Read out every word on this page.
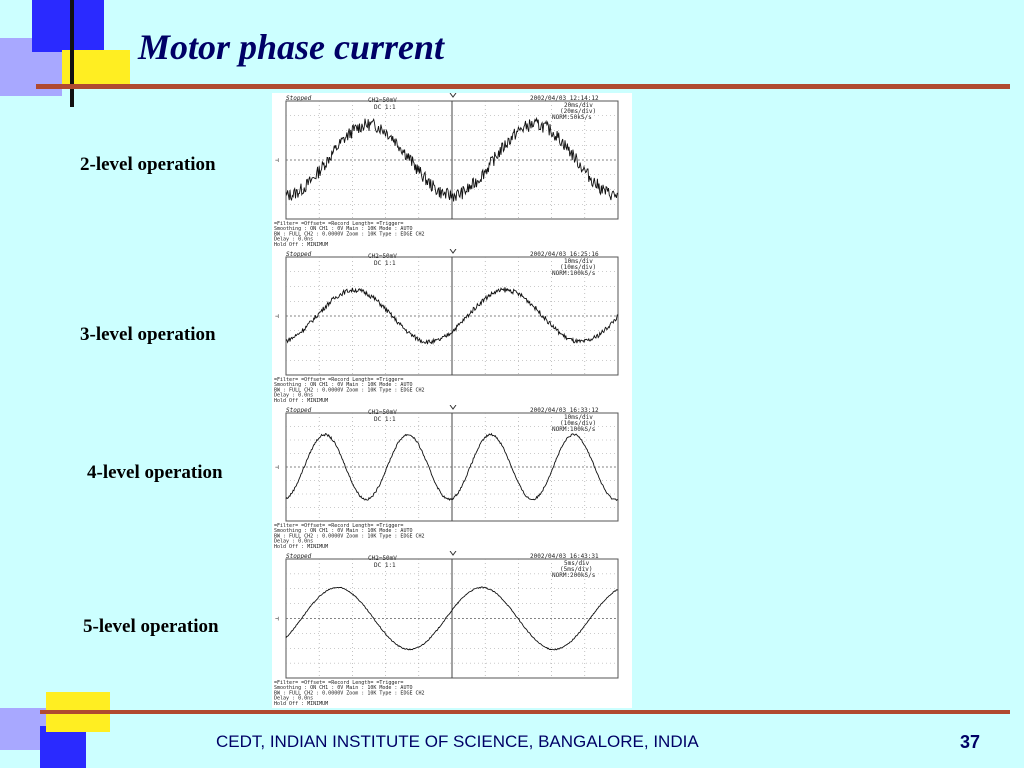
Motor phase current
2-level operation
3-level operation
4-level operation
5-level operation
Stopped	2002/04/03 12:14:12
CH2=50mV
DC 1:1	20ms/div
(20ms/div)
NORM:50kS/s
⊣
=Filter= =Offset= =Record Length= =Trigger=
Smoothing : ON CH1 : 0V Main : 10K Mode : AUTO
BW : FULL CH2 : 0.0000V Zoom : 10K Type : EDGE CH2
Delay : 0.0ns
Hold Off : MINIMUM
Stopped	2002/04/03 16:25:16
CH2=50mV
DC 1:1	10ms/div
(10ms/div)
NORM:100kS/s
⊣
=Filter= =Offset= =Record Length= =Trigger=
Smoothing : ON CH1 : 0V Main : 10K Mode : AUTO
BW : FULL CH2 : 0.0000V Zoom : 10K Type : EDGE CH2
Delay : 0.0ns
Hold Off : MINIMUM
Stopped	2002/04/03 16:33:12
CH2=50mV
DC 1:1	10ms/div
(10ms/div)
NORM:100kS/s
⊣
=Filter= =Offset= =Record Length= =Trigger=
Smoothing : ON CH1 : 0V Main : 10K Mode : AUTO
BW : FULL CH2 : 0.0000V Zoom : 10K Type : EDGE CH2
Delay : 0.0ns
Hold Off : MINIMUM
Stopped	2002/04/03 16:43:31
CH2=50mV
DC 1:1	5ms/div
(5ms/div)
NORM:200kS/s
⊣
=Filter= =Offset= =Record Length= =Trigger=
Smoothing : ON CH1 : 0V Main : 10K Mode : AUTO
BW : FULL CH2 : 0.0000V Zoom : 10K Type : EDGE CH2
Delay : 0.0ns
Hold Off : MINIMUM
CEDT, INDIAN INSTITUTE OF SCIENCE, BANGALORE, INDIA	37
